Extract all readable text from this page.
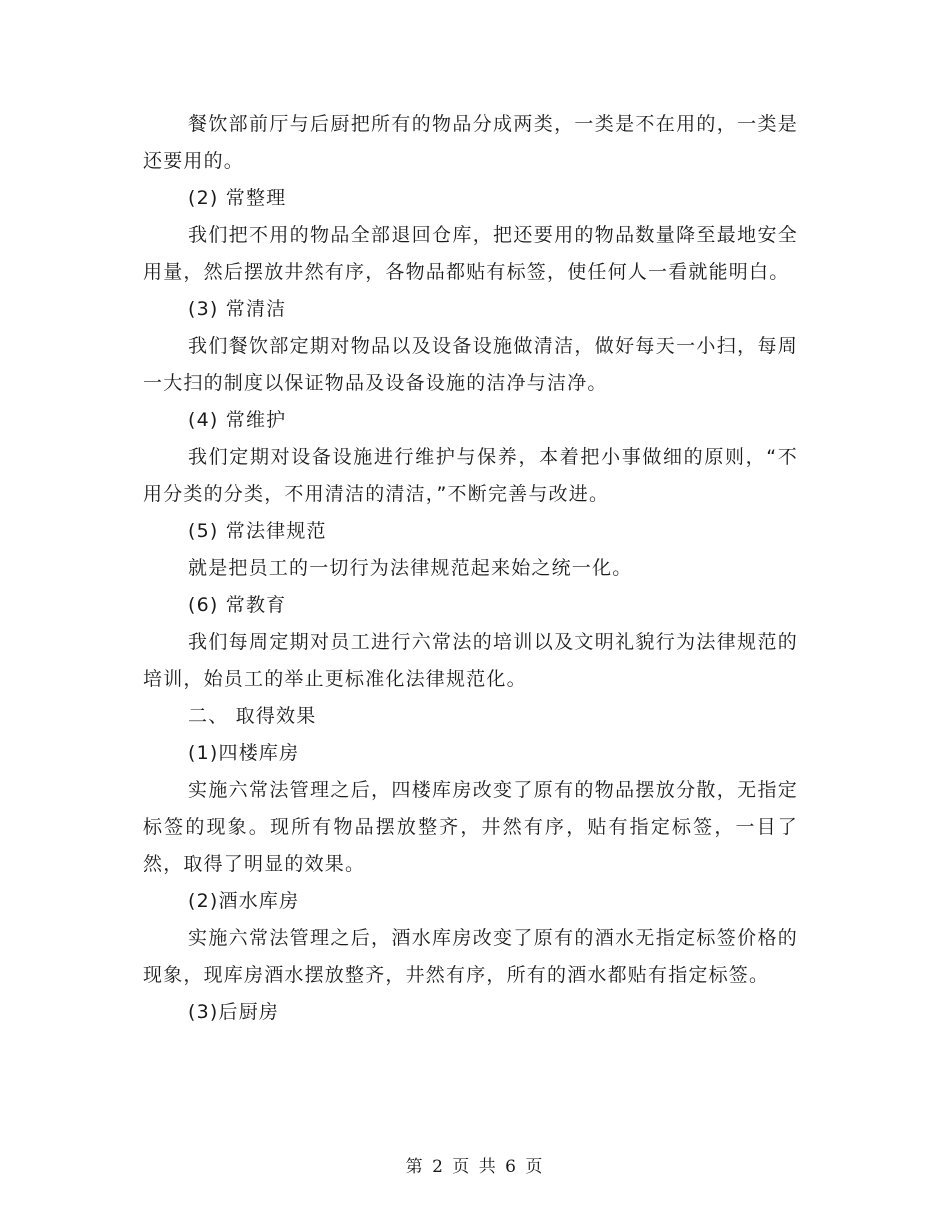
餐饮部前厅与后厨把所有的物品分成两类，一类是不在用的，一类是还要用的。

(2) 常整理

我们把不用的物品全部退回仓库，把还要用的物品数量降至最地安全用量，然后摆放井然有序，各物品都贴有标签，使任何人一看就能明白。

(3) 常清洁

我们餐饮部定期对物品以及设备设施做清洁，做好每天一小扫，每周一大扫的制度以保证物品及设备设施的洁净与洁净。

(4) 常维护

我们定期对设备设施进行维护与保养，本着把小事做细的原则，“不用分类的分类，不用清洁的清洁，”不断完善与改进。

(5) 常法律规范

就是把员工的一切行为法律规范起来始之统一化。

(6) 常教育

我们每周定期对员工进行六常法的培训以及文明礼貌行为法律规范的培训，始员工的举止更标准化法律规范化。

二、 取得效果

(1)四楼库房

实施六常法管理之后，四楼库房改变了原有的物品摆放分散，无指定标签的现象。现所有物品摆放整齐，井然有序，贴有指定标签，一目了然，取得了明显的效果。

(2)酒水库房

实施六常法管理之后，酒水库房改变了原有的酒水无指定标签价格的现象，现库房酒水摆放整齐，井然有序，所有的酒水都贴有指定标签。

(3)后厨房

第 2 页 共 6 页
